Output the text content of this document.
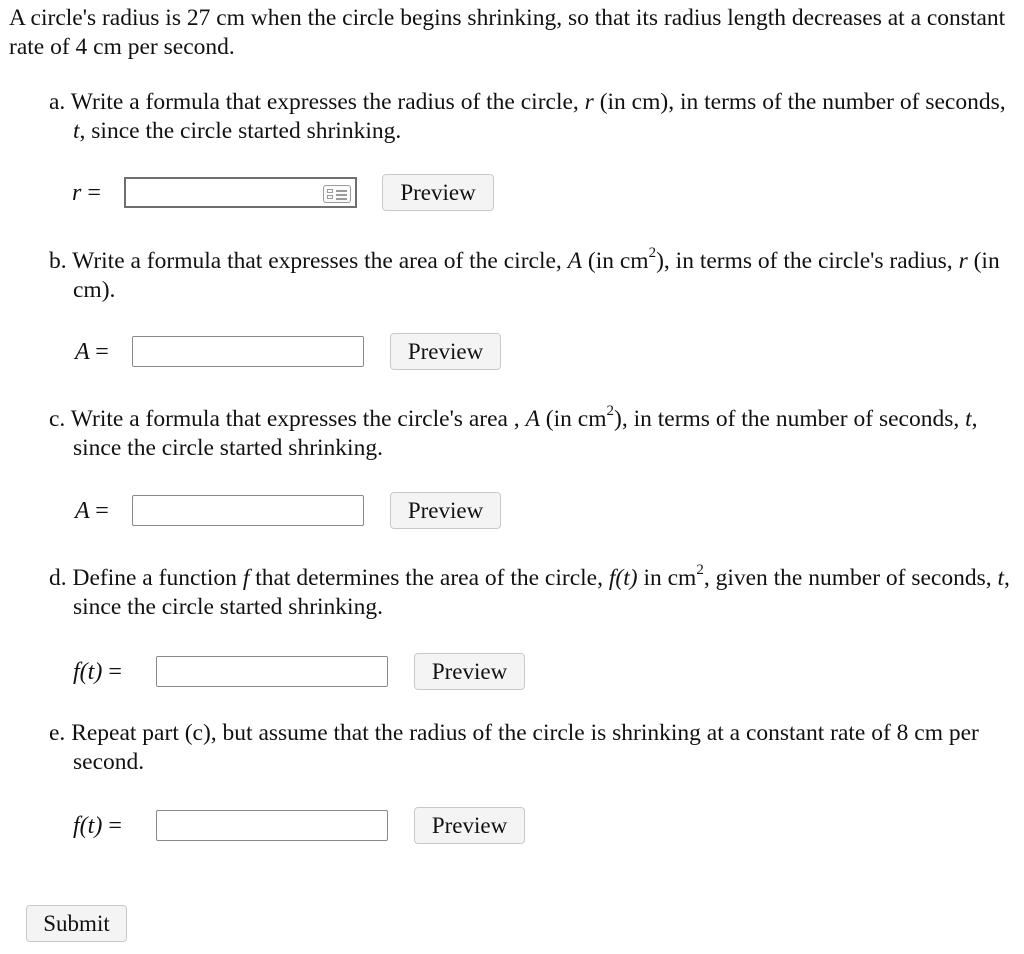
A circle's radius is 27 cm when the circle begins shrinking, so that its radius length decreases at a constant rate of 4 cm per second.
a. Write a formula that expresses the radius of the circle, r (in cm), in terms of the number of seconds, t, since the circle started shrinking.
r =	Preview
b. Write a formula that expresses the area of the circle, A (in $cm^2$), in terms of the circle's radius, r (in cm).
A =	Preview
c. Write a formula that expresses the circle's area , A (in $cm^2$), in terms of the number of seconds, t, since the circle started shrinking.
A =	Preview
d. Define a function f that determines the area of the circle, f(t) in $cm^2$, given the number of seconds, t, since the circle started shrinking.
f(t) =	Preview
e. Repeat part (c), but assume that the radius of the circle is shrinking at a constant rate of 8 cm per second.
f(t) =	Preview
Submit
